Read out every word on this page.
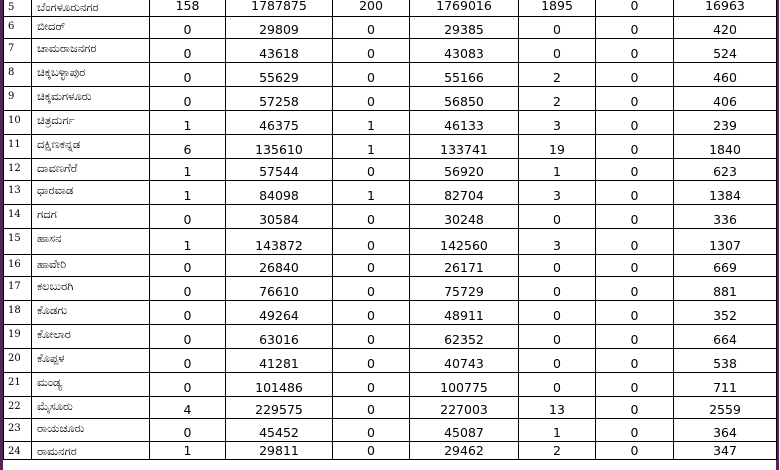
5	ಬೆಂಗಳೂರುನಗರ	158	1787875	200	1769016	1895	0	16963	
6	ಬೀದರ್	0	29809	0	29385	0	0	420	
7	ಚಾಮರಾಜನಗರ	0	43618	0	43083	0	0	524	
8	ಚಿಕ್ಕಬಳ್ಳಾಪುರ	0	55629	0	55166	2	0	460	
9	ಚಿಕ್ಕಮಗಳೂರು	0	57258	0	56850	2	0	406	
10	ಚಿತ್ರದುರ್ಗ	1	46375	1	46133	3	0	239	
11	ದಕ್ಷಿಣಕನ್ನಡ	6	135610	1	133741	19	0	1840	
12	ದಾವಣಗೆರೆ	1	57544	0	56920	1	0	623	
13	ಧಾರವಾಡ	1	84098	1	82704	3	0	1384	
14	ಗದಗ	0	30584	0	30248	0	0	336	
15	ಹಾಸನ	1	143872	0	142560	3	0	1307	
16	ಹಾವೇರಿ	0	26840	0	26171	0	0	669	
17	ಕಲಬುರಗಿ	0	76610	0	75729	0	0	881	
18	ಕೊಡಗು	0	49264	0	48911	0	0	352	
19	ಕೋಲಾರ	0	63016	0	62352	0	0	664	
20	ಕೊಪ್ಪಳ	0	41281	0	40743	0	0	538	
21	ಮಂಡ್ಯ	0	101486	0	100775	0	0	711	
22	ಮೈಸೂರು	4	229575	0	227003	13	0	2559	
23	ರಾಯಚೂರು	0	45452	0	45087	1	0	364	
24	ರಾಮನಗರ	1	29811	0	29462	2	0	347	
